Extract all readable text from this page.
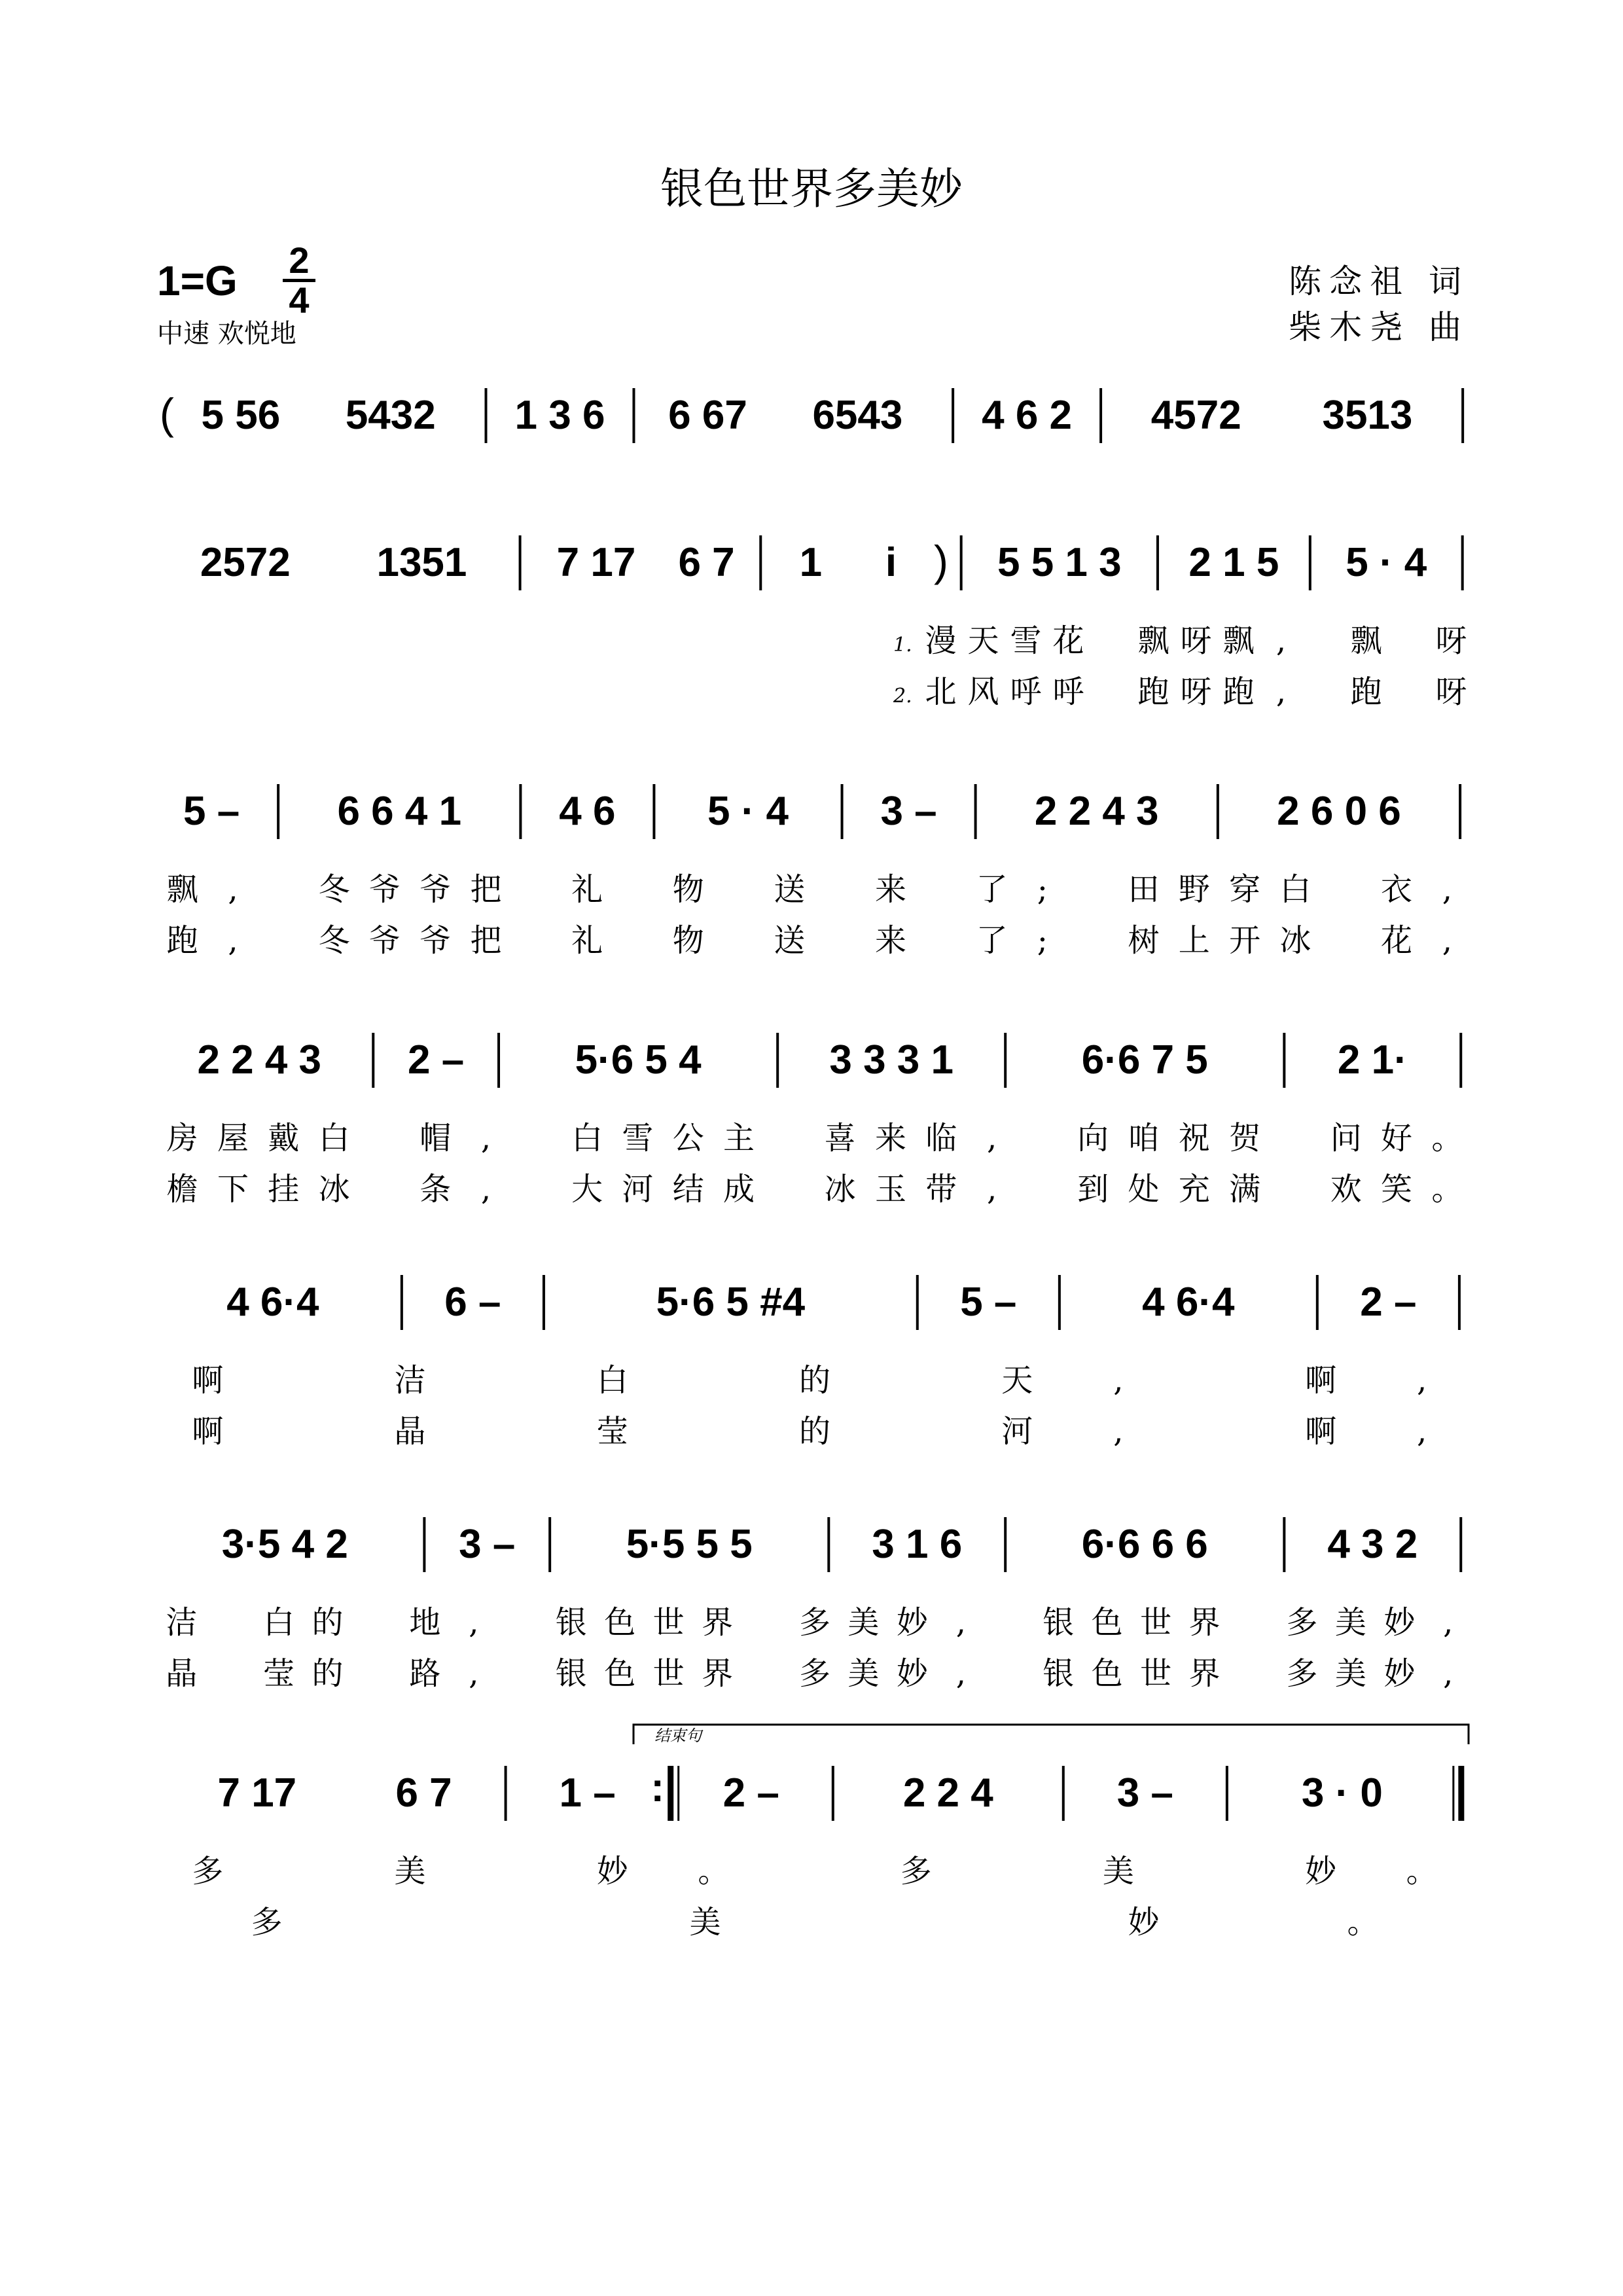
银色世界多美妙
1=G 2
4
中速 欢悦地
陈念祖 词
柴木尧 曲
( 5 56 5432 1 3 6 6 67 6543 4 6 2 4572 3513
2572 1351 7 17 6 7 1 i ) 5 5 1 3 2 1 5 5 · 4
1. 漫 天 雪 花 飘 呀 飘 , 飘 呀
2. 北 风 呼 呼 跑 呀 跑 , 跑 呀
5 – 6 6 4 1 4 6 5 · 4 3 – 2 2 4 3	2 6 0 6
飘 ,	冬 爷 爷 把 礼 物 送 来 了 ;	田 野 穿 白 衣 ,
跑 ,	冬 爷 爷 把 礼 物 送 来 了 ;	树 上 开 冰 花 ,
2 2 4 3 2 –	5·6 5 4	3 3 3 1	6·6 7 5	2 1·
房 屋 戴 白 帽 ,	白 雪 公 主 喜 来 临 ,	向 咱 祝 贺 问 好 。
檐 下 挂 冰 条 ,	大 河 结 成 冰 玉 带 ,	到 处 充 满 欢 笑 。
4 6·4	6 –	5·6 5 #4	5 –	4 6·4	2 –
啊	洁	白	的	天	,	啊	,
啊	晶	莹	的	河	,	啊	,
3·5 4 2	3 –	5·5 5 5	3 1 6	6·6 6 6	4 3 2
洁 白 的 地 , 银 色 世 界 多 美 妙 , 银 色 世 界 多 美 妙 ,
晶 莹 的 路 , 银 色 世 界 多 美 妙 , 银 色 世 界 多 美 妙 ,
7 17 6 7	1 – : 2 –	2 2 4	3 –	3 · 0
多	美	妙 。	多	美	妙 。
多	美	妙	。
结束句
